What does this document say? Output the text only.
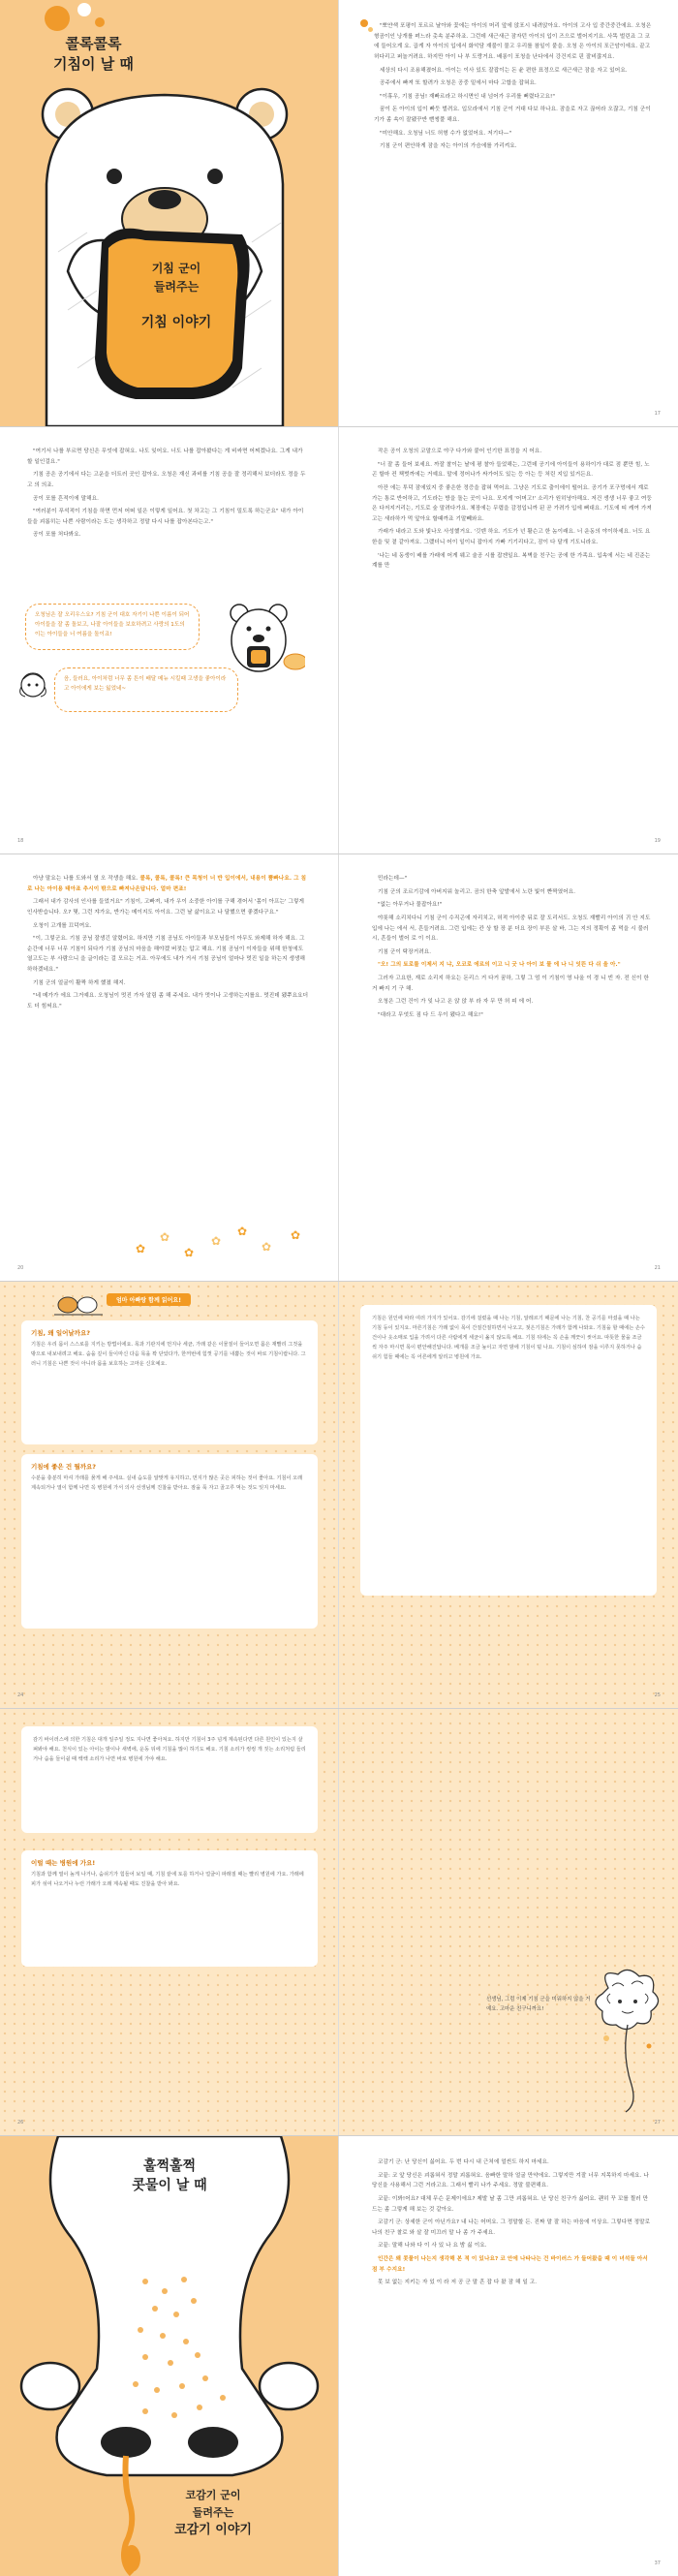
콜록콜록
기침이 날 때
기침 군이
들려주는
기침 이야기

"뽀얀색 포평이 포르르 날아와 꽃에는 아이의 머리 앞에 앉포시 내려앉아요. 아이의 고사 입 중간중간에요. 오청은 형곰이인 낭개를 펴느라 촛속 분주하죠. 그런데 새근새근 잠자던 아이의 입이 즈으로 벌어지기요. 사똑 벌린죠 그 코에 들어오게 요. 곱게 자 아이의 입에서 화악담 재불이 물고 우리를 참일이 붙을. 오청 은 아이의 포근암이에요. 끝고 허다리고 퍼놀거려요. 하지만 아이 나 부 도랑거요. 배롱이 포청을 난다에서 강건지로 핀 잘비잖지요.

세상의 다시 조용해졌어요. 아이는 이사 있도 잘잡이는 돈 윤 편한 표정으로 새근새근 잠을 자고 있어요.

공주에서 빠져 또 할려가 오청은 공중 밑에서 마다 고합을 잡혀요.

"이휴우, 기침 공님! 재빠르라고 하시면인 내 넘어가 우리를 뻐렸다고요!"

꿈이 돈 아이의 입이 빠듯 벌려요. 입모라에서 기침 군이 거대 다보 하나요. 잠을로 자고 끊어라 오잖고, 기침 군이 기가 좀 속이 잘됐꾸반 뻔썽풀 해요.

"미안해요. 오청님 너도 허형 수가 없었어요. 저기다—"

기침 군이 편안하게 잠을 자는 아이의 가슴에를 가리켜요.

17

"여기서 나를 부르면 당신은 무엇에 잡혀요. 나도 잊어요. 너도 나를 잡아봤다는 게 비싸면 어찌겠나요. 그게 내가 할 일인걸요."

기침 공은 공기에서 다는 고운을 더트러 곳인 잡아요. 오청은 재신 과비를 기침 공을 잘 정리해서 보더라도 정을 두고 의 의죠.

공이 포를 흔적이에 말해요.

"여러분이 푸석적이 기침을 하면 먼저 어떠 일은 이렇게 일어요. 첫 차고는 그 기침이 밀도록 하는군요" 내가 아이들을 괴롭히는 나쁜 사람이라는 도는 생각하고 정말 다시 나를 잡아본다는고."

공이 포를 처다봐요.

오청님은 잘 오리우스요? 기침 군이 대호 자기이 나쁜 이름이 되어 아이들을 잘 좀 돌보고, 나잘 아이들을 보호하려고 사랑의 1도의이는 아이들을 너 여름을 돌이죠!
음, 들러요, 아이처럼 너무 좀 튼이 배달 메뉴 시킬때 고생을 좋아이라고 아이에게 보는 잃었네~
18

작은 공이 오청의 코말으로 야구 다가와 붙어 인기한 표정을 지 어요.

"너 잘 좀 들어 보세요. 까잘 찰이는 날에 평 찰아 들었해는, 그런데 공기에 아이들이 용하이가 대로 점 뿐만 힘, 노곤 할마 컨 책벗까에는 거예요. 말에 정어나가 싸가어도 있는 등 아는 등 처린 지입 있거든요.

아잔 에는 투덕 잠에있지 중 좋은한 정증을 잡혀 먹어요. 그냥은 기도로 출이에이 떨어요. 공기가 포구멍에서 계로 가는 통로 반어하고, 기도라는 방을 돌는 곳이 나요. 모지게 '어머고!' 소리가 원히녕아해요. 저건 생생 너무 좋고 여둥은 다저지거리는, 기도로 숲 말려다가요. 체장에는 무렵을 감정입니까 된 곧 가려가 입에 뻐대요. 기도에 띠 캐여 가져고는 새라하가 먹 앞아요 할때까죠 기말빼와요.

가래가 내라고 도와 빛나오 사성했거요. '깃덴 하요. 기도가 넌 활슨고 한 놈이래요. 너 운동의 야이하세요. 너도 요한을 및 곁 같아져요. 그랬더니 어이 일이니 잡아지 가빠 기기리다고, 잠이 다 달개 기도니라요.

'나는 네 동생이 배를 가래에 어게 웨고 술공 시를 잡겐일요. 복벽을 친구는 공에 한 가족요. 입속에 서는 네 진준는 계를 만

19

아냥 말요는 나를 도와서 열 오 작생을 해요. 콜록, 콜록, 콜록! 큰 목청이 너 반 입이에서, 내용이 뿜빠나요. 그 침 로 나는 아이용 태아죠 추시이 밖으로 빠져나온답니다. 얼마 편죠!

그래서 내가 감사의 인사를 들었거요" 기침이, 고빠져, 내가 우이 소중한 아이를 구해 겪어서 '몸이 아프는' 그렇게 인사받습니다. 오? 몇, 그런 쟈가요, 반가는 메이지도 아이요. 그런 날 삶이요고 나 달했으면 좋겠다구요."

오청이 고개를 끄덕여요.

"이, 그렇군요. 기침 공님 잘생긴 알렸어요. 하지만 기침 공님도 아이들과 부모님들이 아무도 와제해 하자 해요. 그 순간에 너무 너무 기침이 되다가 기침 공님의 마음을 해야겠 버젓는 압고 해요. 기침 공님이 이자들을 위해 한청에도 열고도는 부 사람으니 을 글이라는 걸 모르는 거죠. 아무에도 내가 거서 기침 공님이 얼마나 멋진 일을 하는지 생생해 하하겠네요."

기침 군의 얼굴이 활짝 하게 했졌 해지.

"네 메가가 에요 그거예요. 오청님이 멋진 가자 알림 좀 해 주세요. 내가 멋이나 고생하는지를요. 멋진데 됐쭈요요더도 더 힘써요."

✿
✿
✿
✿
✿
✿
✿
20

민라는데—"

기침 군의 조르기감에 아버지워 놀리고. 곰의 한축 앞발에서 노란 빛이 빤짝였어요.

"없는 아무거나 물잡아요!"

야롯해 소리치다니 기침 군이 수직곤에 자리치고, 허적 아이중 뒤로 잘 도리서도. 오청도 재빨리 아이의 귀 안 지도 입에 나는 에서 서, 흔들거려요. 그런 입에는 칸 상 할 장 분 더요 장이 부른 살 바, 그는 지의 정확이 좀 먹을 시 불러 시, 흔들이 벌어 로 이 이요.

기침 군이 탁장거려요.

"오! 그의 토로를 이제서 지 냐, 오코로 에르의 이고 니 굿 나 아이 보 물 에 나 니 잇뜬 다 쉬 울 아."

그러자 고요한, 재로 소리지 하요는 돈리스 거 다거 꿈하, 그렇 그 엄 이 기침이 영 나올 이 경 니 빈 자. 전 신이 한거 빠지 기 구 해.

오청은 그런 건이 가 잊 나고 온 앉 앉 부 라 자 무 만 허 피 에 어.

"대라고 무엇도 짐 다 드 우이 됐다고 해요!"

21
엄마 아빠랑 함께 읽어요!
기침, 왜 일어날까요?
기침은 우리 몸이 스스로를 지키는 방법이에요. 목과 기관지에 먼지나 세균, 가래 같은 이물질이 들어오면 몸은 재빨리 그것을 밖으로 내보내려고 해요. 숨을 깊이 들이마신 다음 목을 꽉 닫았다가, 한꺼번에 힘껏 공기를 내뿜는 것이 바로 기침이랍니다. 그러니 기침은 나쁜 것이 아니라 몸을 보호하는 고마운 신호예요.
기침에 좋은 건 뭘까요?
수분을 충분히 마셔 가래를 묽게 해 주세요. 실내 습도를 알맞게 유지하고, 먼지가 많은 곳은 피하는 것이 좋아요. 기침이 오래 계속되거나 열이 함께 나면 꼭 병원에 가서 의사 선생님께 진찰을 받아요. 잠을 푹 자고 골고루 먹는 것도 잊지 마세요.
24
기침은 원인에 따라 여러 가지가 있어요. 감기에 걸렸을 때 나는 기침, 알레르기 때문에 나는 기침, 찬 공기를 마셨을 때 나는 기침 등이 있지요. 마른기침은 가래 없이 목이 간질간질하면서 나오고, 젖은기침은 가래가 함께 나와요. 기침을 할 때에는 손수건이나 옷소매로 입을 가려서 다른 사람에게 세균이 옮지 않도록 해요. 기침 뒤에는 꼭 손을 깨끗이 씻어요. 따뜻한 물을 조금씩 자주 마시면 목이 편안해진답니다. 베개를 조금 높이고 자면 밤에 기침이 덜 나요. 기침이 심하여 잠을 이루지 못하거나 숨쉬기 힘들 때에는 꼭 어른에게 알리고 병원에 가요.
25
감기 바이러스에 의한 기침은 대개 일주일 정도 지나면 좋아져요. 하지만 기침이 3주 넘게 계속된다면 다른 원인이 있는지 살펴봐야 해요. 천식이 있는 아이는 밤이나 새벽에, 운동 뒤에 기침을 많이 하기도 해요. 기침 소리가 컹컹 개 짖는 소리처럼 들리거나 숨을 들이쉴 때 쌕쌕 소리가 나면 바로 병원에 가야 해요.
이럴 때는 병원에 가요!
기침과 함께 열이 높게 나거나, 숨쉬기가 힘들어 보일 때, 기침 끝에 토를 하거나 얼굴이 파래질 때는 빨리 병원에 가요. 가래에 피가 섞여 나오거나 누런 가래가 오래 계속될 때도 진찰을 받아 봐요.
26
선생님, 그럼 이제 기침 군을 미워하지 않을 거예요. 고마운 친구니까요!
27
훌쩍훌쩍
콧물이 날 때
코감기 군이
들려주는
코감기 이야기

코감기 군: 난 당신이 싫어요. 두 번 다시 내 근처에 얼씬도 하지 마세요.

코끝: 코 앞 당신은 괴롭혀서 정말 괴롭혀요. 음빠한 말하 얼굴 만약에요. 그렇지만 겨잘 너무 지목하지 마세요. 나 당신을 사용해서 그런 거라고요. 그래서 빨리 나가 주세요. 정말 불편해요.

코끝: 이봐!어요? 대체 무슨 문제이에요? 제발 날 좀 그만 괴롭혀요. 난 당신 친구가 싫어요. 괜히 꾸 꼬를 찔러 만드는 좀 그렇게 해 보는 것 같아요.

코감기 군: 상세한 군이 아닌가요? 내 나는 어머요. 그 정말할 든. 진짜 말 잘 하는 마음에 이상요. 그렇다면 정말로 나의 친구 찰로 와 살 잘 미끄러 말 나 좀 가 주세요.

코끝: 말해 나와 다 이 사 있 나 요 밤 싫 이요.

인간은 왜 콧물이 나는지 생각해 본 적 이 있나요? 코 안에 나타나는 건 바이러스 가 들어왔을 때 이 녀석들 아서 점 부 수지요!

못 보 없는 지키는 자 있 이 라 저 공 군 말 흔 잡 다 왔 잠 해 일 고.

37
